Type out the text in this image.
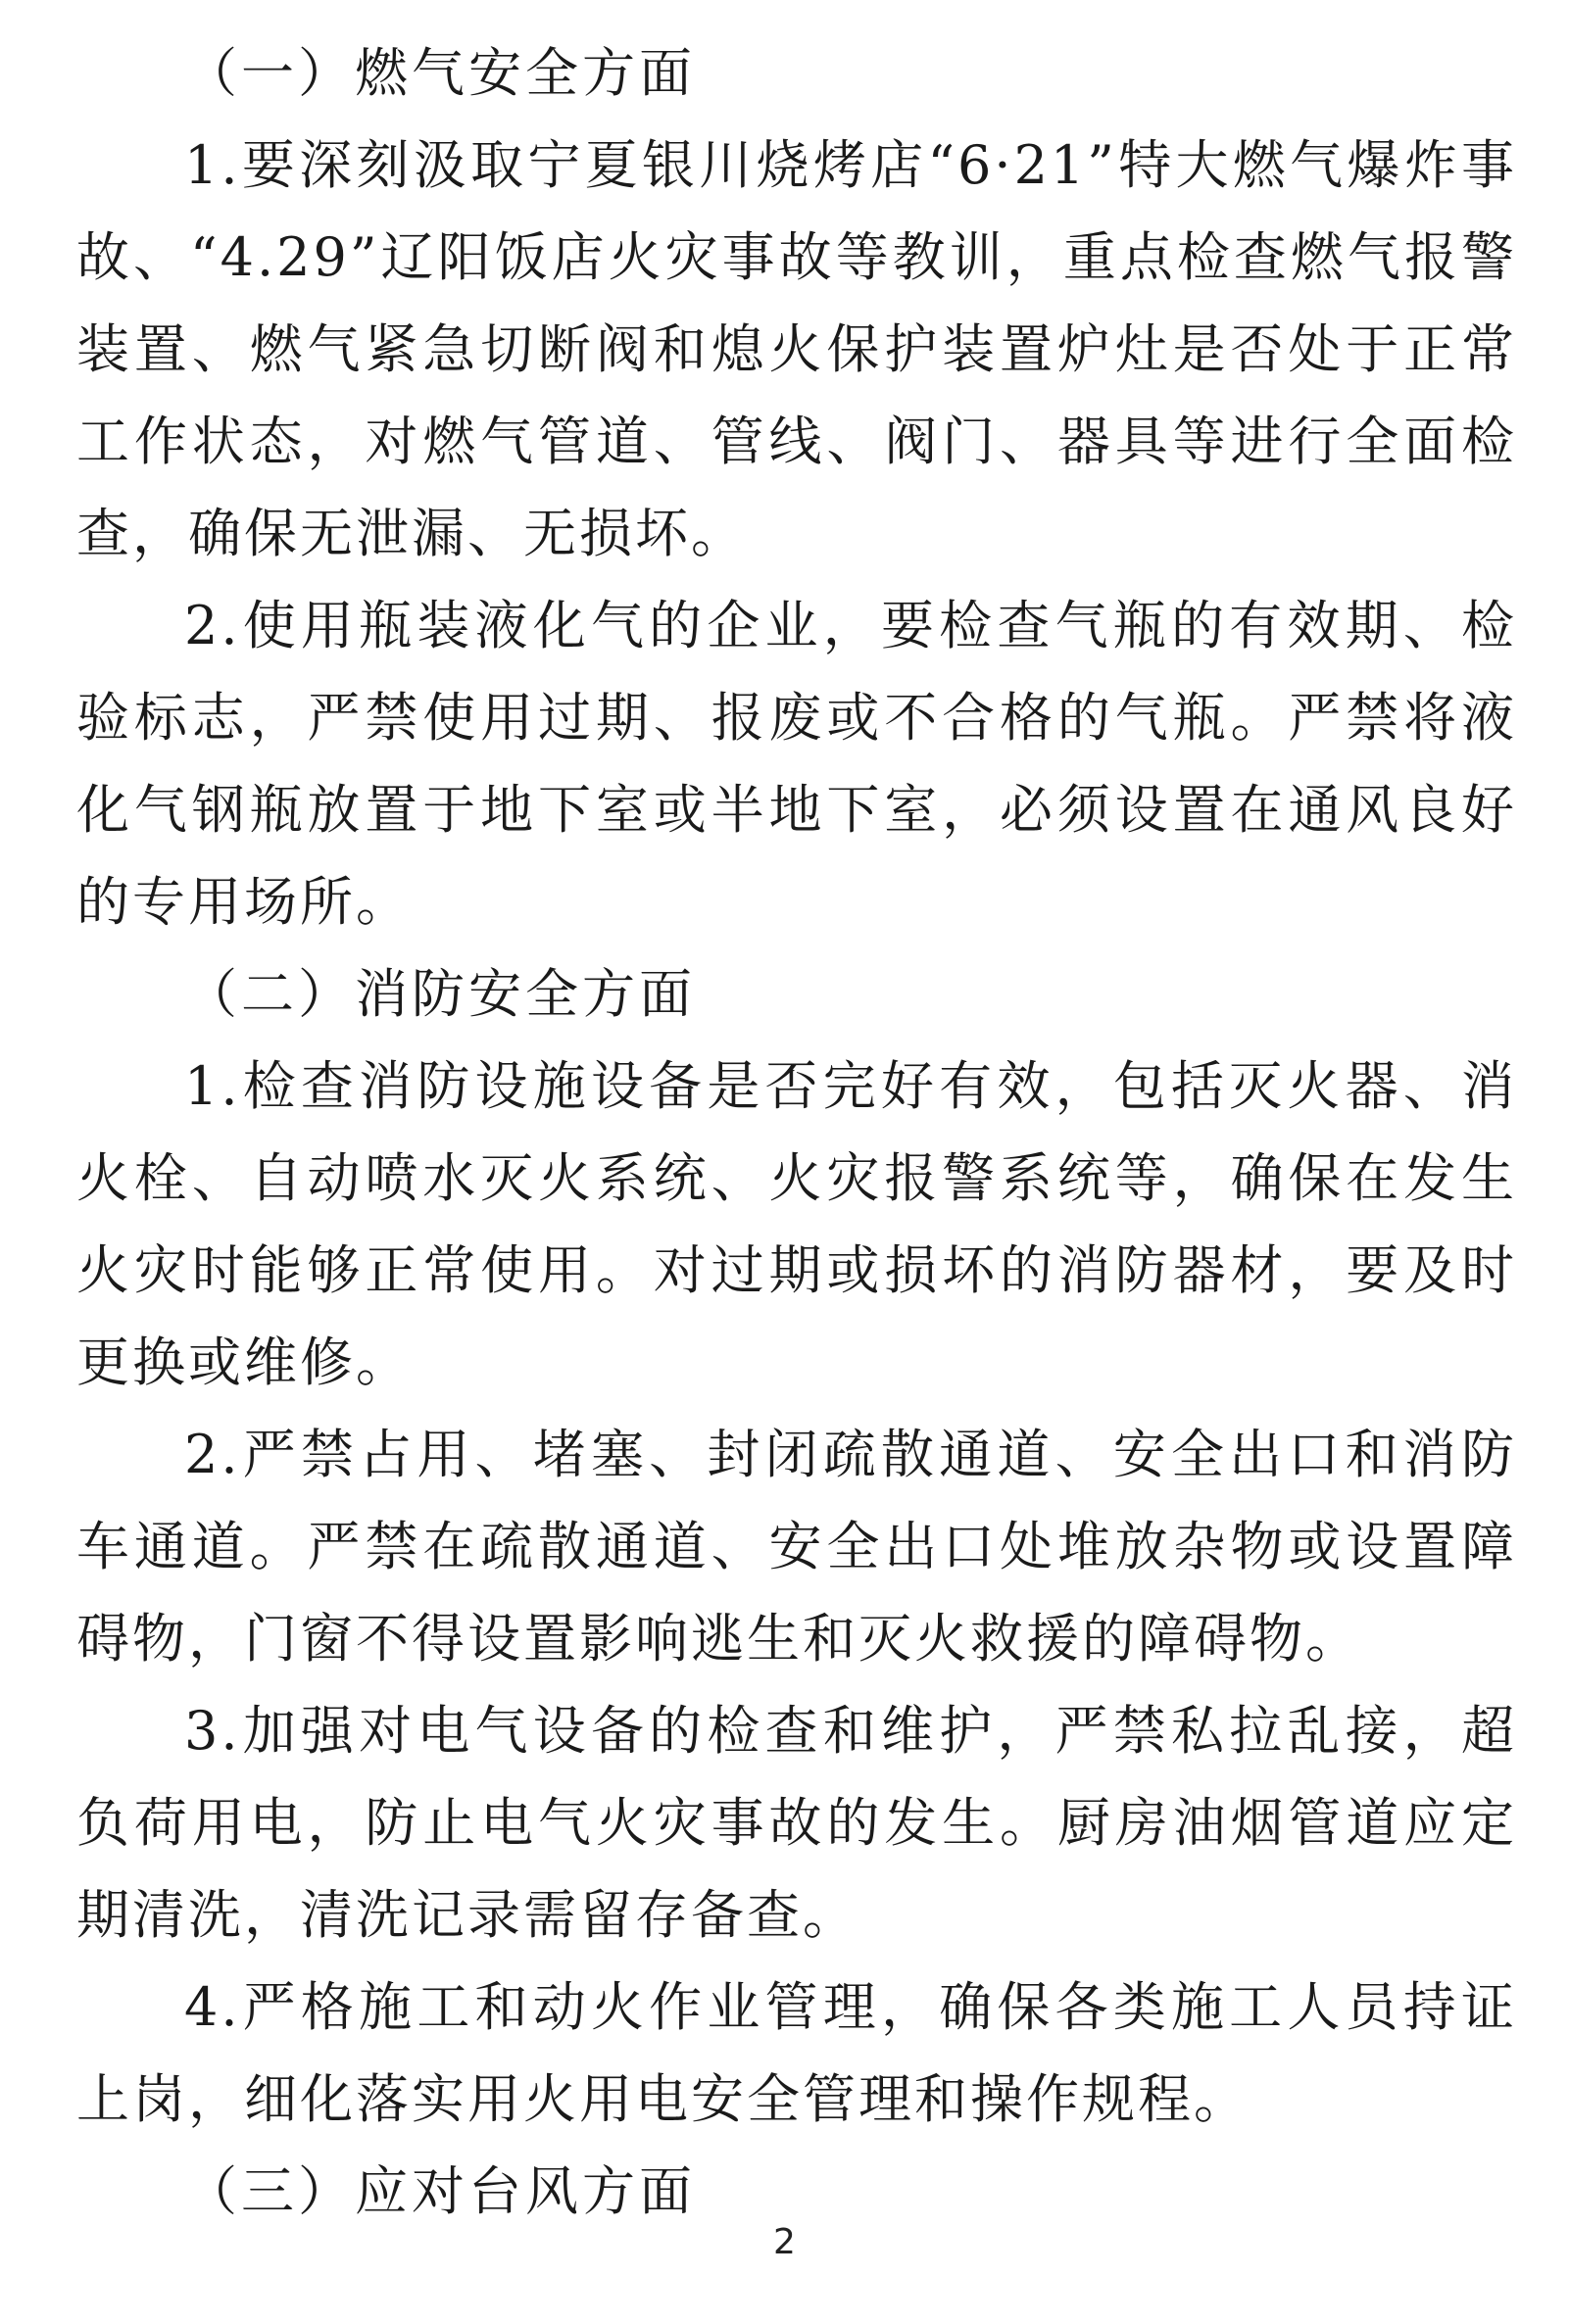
（一）燃气安全方面

1.要深刻汲取宁夏银川烧烤店“6·21”特大燃气爆炸事故、“4.29”辽阳饭店火灾事故等教训，重点检查燃气报警装置、燃气紧急切断阀和熄火保护装置炉灶是否处于正常工作状态，对燃气管道、管线、阀门、器具等进行全面检查，确保无泄漏、无损坏。

2.使用瓶装液化气的企业，要检查气瓶的有效期、检验标志，严禁使用过期、报废或不合格的气瓶。严禁将液化气钢瓶放置于地下室或半地下室，必须设置在通风良好的专用场所。

（二）消防安全方面

1.检查消防设施设备是否完好有效，包括灭火器、消火栓、自动喷水灭火系统、火灾报警系统等，确保在发生火灾时能够正常使用。对过期或损坏的消防器材，要及时更换或维修。

2.严禁占用、堵塞、封闭疏散通道、安全出口和消防车通道。严禁在疏散通道、安全出口处堆放杂物或设置障碍物，门窗不得设置影响逃生和灭火救援的障碍物。

3.加强对电气设备的检查和维护，严禁私拉乱接，超负荷用电，防止电气火灾事故的发生。厨房油烟管道应定期清洗，清洗记录需留存备查。

4.严格施工和动火作业管理，确保各类施工人员持证上岗，细化落实用火用电安全管理和操作规程。

（三）应对台风方面
2
